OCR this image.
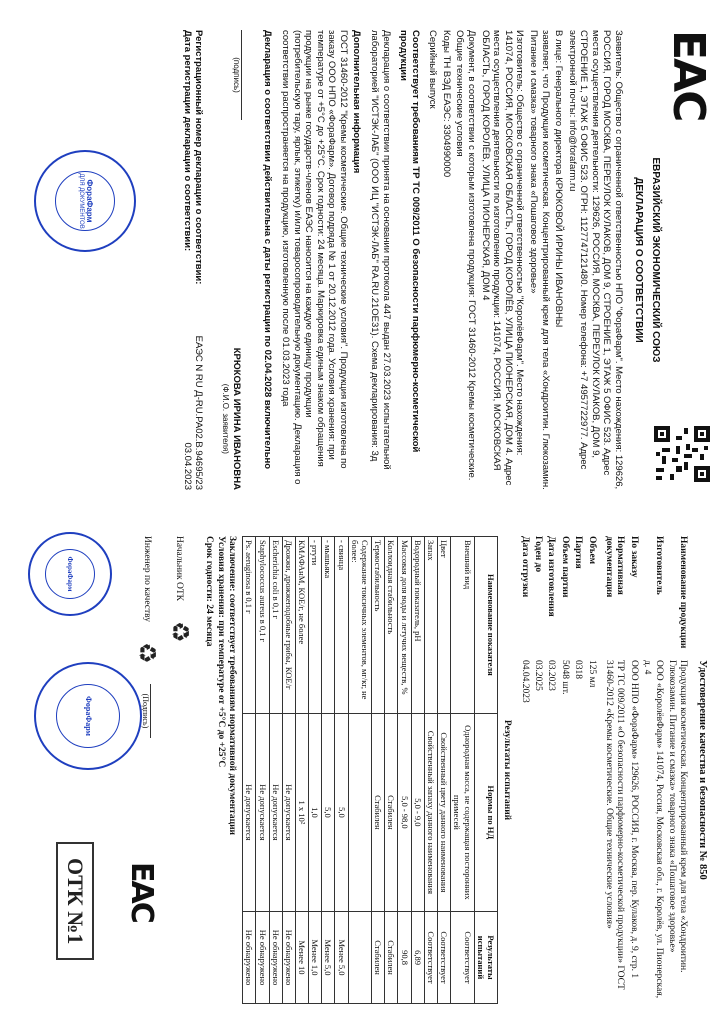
EAC
ЕВРАЗИЙСКИЙ ЭКОНОМИЧЕСКИЙ СОЮЗ
ДЕКЛАРАЦИЯ О СООТВЕТСТВИИ
Заявитель: Общество с ограниченной ответственностью НПО "ФораФарм". Место нахождения: 129626, РОССИЯ, ГОРОД МОСКВА, ПЕРЕУЛОК КУЛАКОВ, ДОМ 9, СТРОЕНИЕ 1, ЭТАЖ 5 ОФИС 523. Адрес места осуществления деятельности: 129626, РОССИЯ, МОСКВА, ПЕРЕУЛОК КУЛАКОВ, ДОМ 9, СТРОЕНИЕ 1, ЭТАЖ 5 ОФИС 523. ОГРН: 1127747121480. Номер телефона: +7 4957722977. Адрес электронной почты: info@forafarm.ru
В лице: Генерального директора КРЮКОВОЙ ИРИНЫ ИВАНОВНЫ
заявляет, что Продукция косметическая. Концентрированный крем для тела «Хондроитин. Глюкозамин. Питание и смазка» товарного знака «Пошаговое здоровье»
Изготовитель: Общество с ограниченной ответственностью "КоролёвФарм". Место нахождения: 141074, РОССИЯ, МОСКОВСКАЯ ОБЛАСТЬ, ГОРОД КОРОЛЁВ, УЛИЦА ПИОНЕРСКАЯ, ДОМ 4. Адрес места осуществления деятельности по изготовлению продукции: 141074, РОССИЯ, МОСКОВСКАЯ ОБЛАСТЬ, ГОРОД КОРОЛЁВ, УЛИЦА ПИОНЕРСКАЯ, ДОМ 4
Документ, в соответствии с которым изготовлена продукция: ГОСТ 31460-2012 Кремы косметические. Общие технические условия
Коды ТН ВЭД ЕАЭС: 3304990000
Серийный выпуск
Соответствует требованиям ТР ТС 009/2011 О безопасности парфюмерно-косметической продукции
Декларация о соответствии принята на основании протокола 447 выдан 27.03.2023 испытательной лабораторией "ИСТЭК-ЛАБ" (ООО ИЦ "ИСТЭК-ЛАБ" RA.RU.21ОЕ31). Схема декларирования: 3д
Дополнительная информация
ГОСТ 31460-2012 "Кремы косметические. Общие технические условия". Продукция изготовлена по заказу ООО НПО «ФораФарм». Договор подряда № 1 от 20.12.2012 года. Условия хранения: при температуре от +5°С до +25°С. Срок годности: 24 месяца. Маркировка единым знаком обращения продукции на рынке государств-членов ЕАЭС наносится на каждую единицу продукции (потребительскую тару, ярлык, этикетку) и/или товаросопроводительную документацию. Декларация о соответствии распространяется на продукцию, изготовленную после 01.03.2023 года
Декларация о соответствии действительна с даты регистрации по 02.04.2028 включительно
(подпись)
КРЮКОВА ИРИНА ИВАНОВНА
(Ф.И.О. заявителя)
ФораФарм
ДЛЯ ДОКУМЕНТОВ	Регистрационный номер декларации о соответствии:
ЕАЭС N RU Д-RU.PA02.B.94695/23
Дата регистрации декларации о соответствии:
03.04.2023
Удостоверение качества и безопасности № 850
Наименование продукции
Продукция косметическая. Концентрированный крем для тела «Хондроитин. Глюкозамин. Питание и смазка» товарного знака «Пошаговое здоровье»
Изготовитель
ООО «КоролёвФарм» 141074, Россия, Московская обл., г. Королёв, ул. Пионерская, д. 4
По заказу
ООО НПО «ФораФарм» 129626, РОССИЯ, г. Москва, пер. Кулаков, д. 9, стр. 1
Нормативная документация
ТР ТС 009/2011 «О безопасности парфюмерно-косметической продукции» ГОСТ 31460-2012 «Кремы косметические. Общие технические условия»
Объем
125 мл
Партия
0318
Объем партии
5048 шт.
Дата изготовления
03.2023
Годен до
03.2025
Дата отгрузки
04.04.2023
Результаты испытаний
Наименование показателя	Нормы по НД	Результаты испытаний
Внешний вид	Однородная масса, не содержащая посторонних примесей	Соответствует
Цвет	Свойственный цвету данного наименования	Соответствует
Запах	Свойственный запаху данного наименования	Соответствует
Водородный показатель, рН	5,0 - 9,0	6,89
Массовая доля воды и летучих веществ, %	5,0 - 98,0	90,8
Коллоидная стабильность	Стабилен	Стабилен
Термостабильность	Стабилен	Стабилен
Содержание токсичных элементов, мг/кг, не более:		
- свинца	5,0	Менее 5,0
- мышьяка	5,0	Менее 5,0
- ртути	1,0	Менее 1,0
КМАФАнМ, КОЕ/г, не более	1 x 10²	Менее 10
Дрожжи, дрожжеподобные грибы, КОЕ/г	Не допускается	Не обнаружено
Escherichia coli в 0,1 г	Не допускается	Не обнаружено
Staphylococcus aureus в 0,1 г	Не допускается	Не обнаружено
Ps. aeruginosa в 0,1 г	Не допускается	Не обнаружено
Заключение: соответствует требованиям нормативной документации
Условия хранения: при температуре от +5°С до +25°С
Срок годности: 24 месяца
Начальник ОТК
♻
Инженер по качеству
♻
(Подпись)
ФораФарм
ФораФарм
ОТК №1 EAC
